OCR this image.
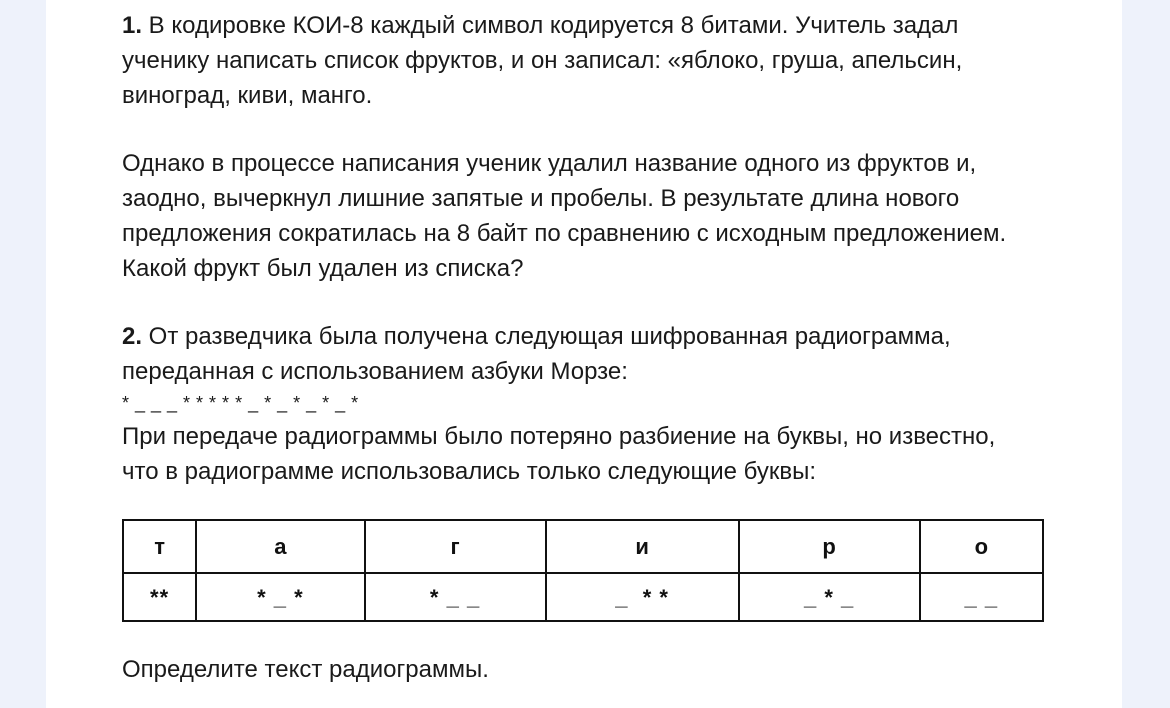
1. В кодировке КОИ-8 каждый символ кодируется 8 битами. Учитель задал

ученику написать список фруктов, и он записал: «яблоко, груша, апельсин,

виноград, киви, манго.

Однако в процессе написания ученик удалил название одного из фруктов и,

заодно, вычеркнул лишние запятые и пробелы. В результате длина нового

предложения сократилась на 8 байт по сравнению с исходным предложением.

Какой фрукт был удален из списка?

2. От разведчика была получена следующая шифрованная радиограмма,

переданная с использованием азбуки Морзе:

* _ _ _ * * * * * _ * _ * _ * _ *

При передаче радиограммы было потеряно разбиение на буквы, но известно,

что в радиограмме использовались только следующие буквы:

т	а	г	и	р	о
**	* _ *	* _ _	_  * *	_ * _	_ _

Определите текст радиограммы.
